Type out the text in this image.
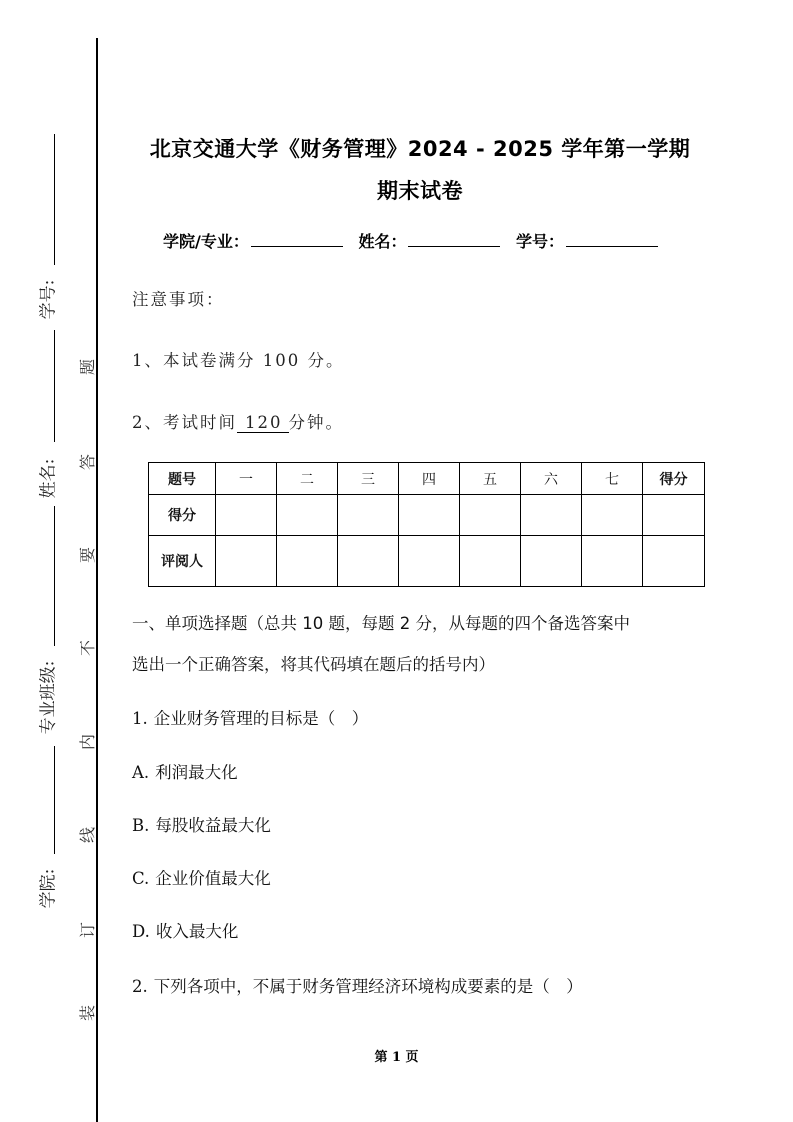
学号:
姓名:
专业班级:
学院:
题
答
要
不
内
线
订
装
北京交通大学《财务管理》2024 - 2025 学年第一学期
期末试卷
学院/专业：	姓名：	学号：
注意事项：
1、本试卷满分 100 分。
2、考试时间 120 分钟。
题号	一	二	三	四	五	六	七	得分
得分								
评阅人								
一、单项选择题（总共 10 题，每题 2 分，从每题的四个备选答案中
选出一个正确答案，将其代码填在题后的括号内）
1. 企业财务管理的目标是（　）
A. 利润最大化
B. 每股收益最大化
C. 企业价值最大化
D. 收入最大化
2. 下列各项中，不属于财务管理经济环境构成要素的是（　）
第 1 页
